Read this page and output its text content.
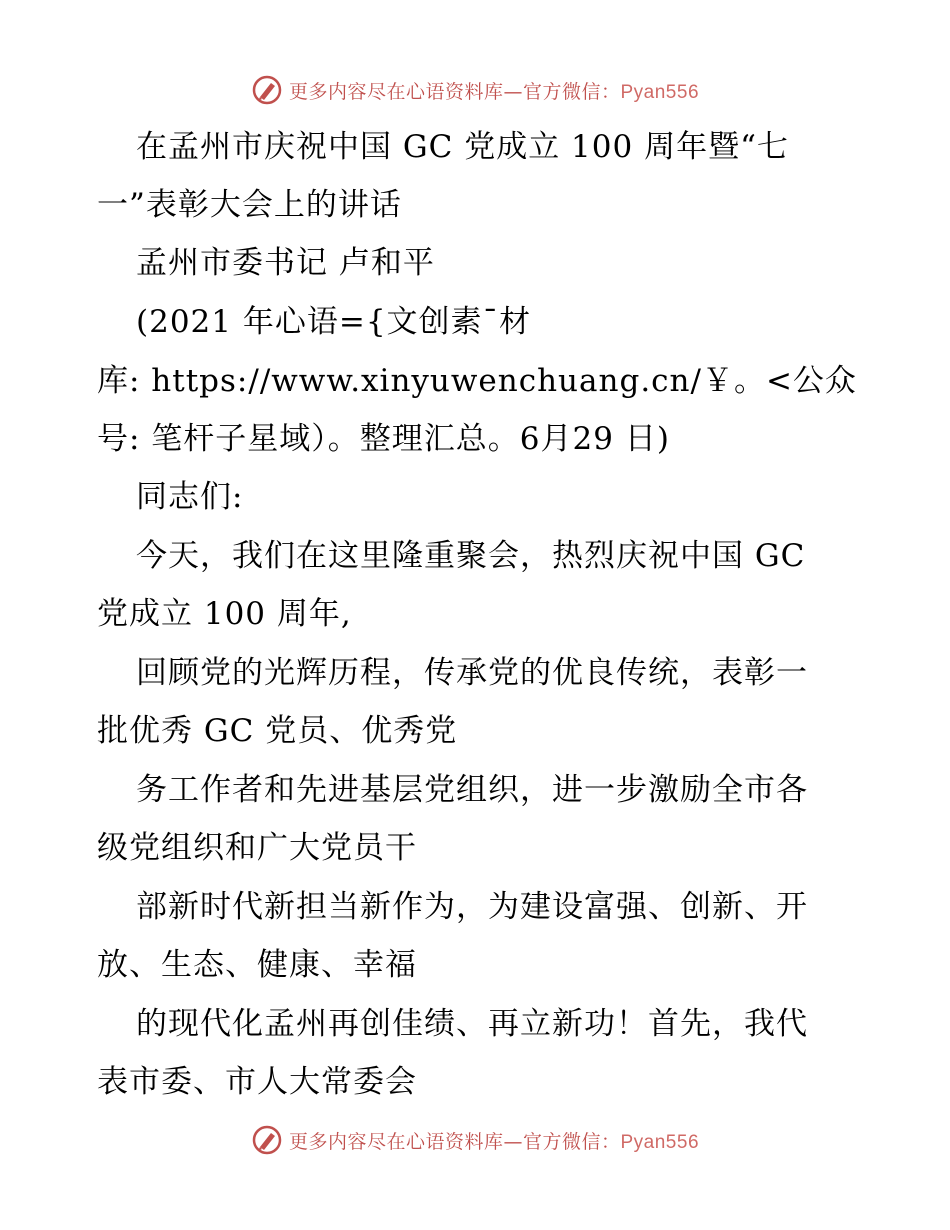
更多内容尽在心语资料库—官方微信：Pyan556
在孟州市庆祝中国 GC 党成立 100 周年暨“七
一”表彰大会上的讲话
孟州市委书记 卢和平
(2021 年心语={文创素¯材
库: https://www.xinyuwenchuang.cn/￥。<公众
号: 笔杆子星域）。整理汇总。6月29 日)
同志们:
今天，我们在这里隆重聚会，热烈庆祝中国 GC
党成立 100 周年,
回顾党的光辉历程，传承党的优良传统，表彰一
批优秀 GC 党员、优秀党
务工作者和先进基层党组织，进一步激励全市各
级党组织和广大党员干
部新时代新担当新作为，为建设富强、创新、开
放、生态、健康、幸福
的现代化孟州再创佳绩、再立新功！首先，我代
表市委、市人大常委会
更多内容尽在心语资料库—官方微信：Pyan556
